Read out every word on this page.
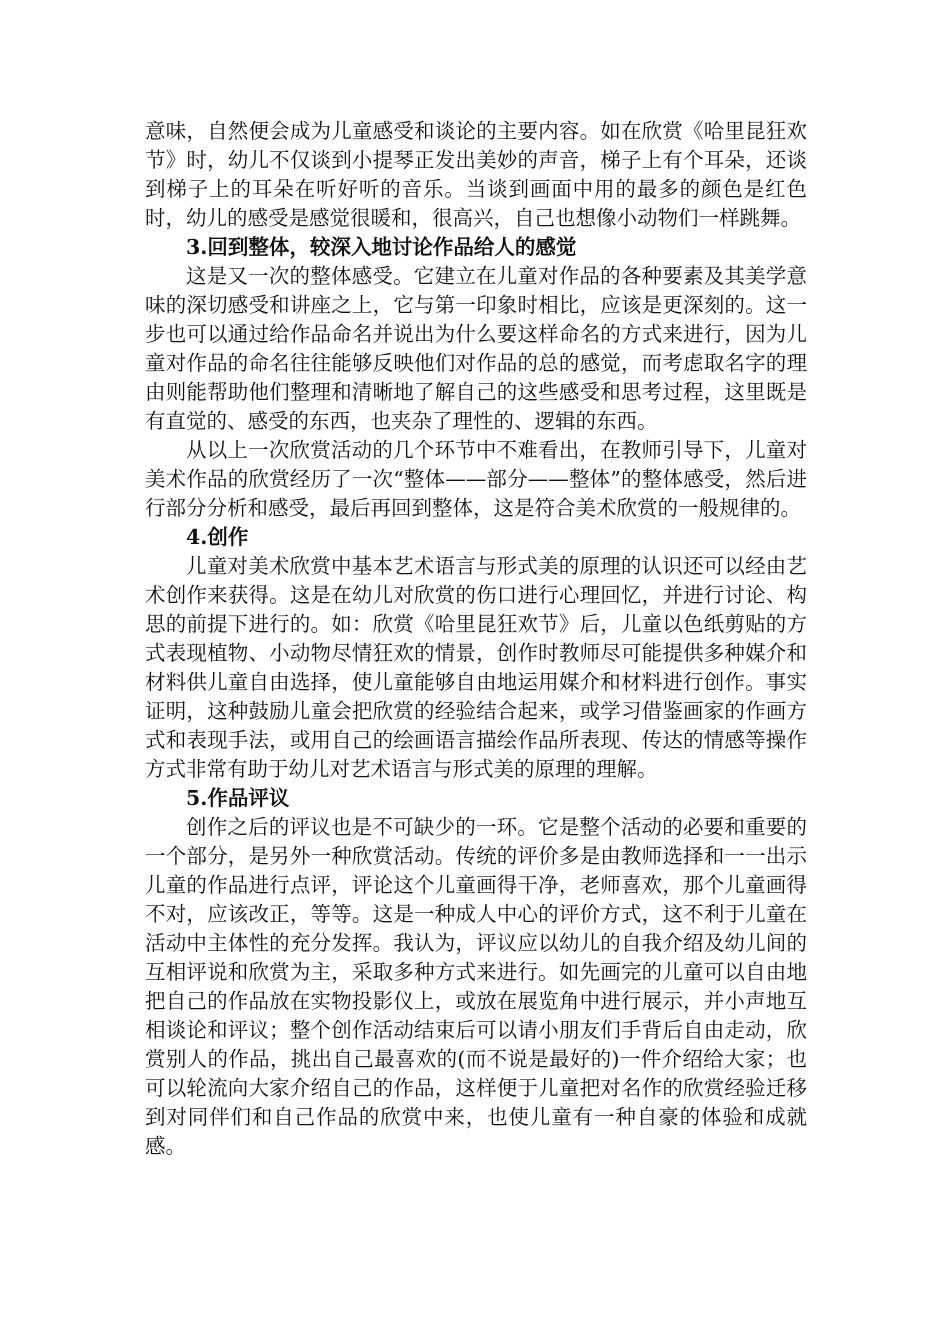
意味，自然便会成为儿童感受和谈论的主要内容。如在欣赏《哈里昆狂欢节》时，幼儿不仅谈到小提琴正发出美妙的声音，梯子上有个耳朵，还谈到梯子上的耳朵在听好听的音乐。当谈到画面中用的最多的颜色是红色时，幼儿的感受是感觉很暖和，很高兴，自己也想像小动物们一样跳舞。

3.回到整体，较深入地讨论作品给人的感觉

这是又一次的整体感受。它建立在儿童对作品的各种要素及其美学意味的深切感受和讲座之上，它与第一印象时相比，应该是更深刻的。这一步也可以通过给作品命名并说出为什么要这样命名的方式来进行，因为儿童对作品的命名往往能够反映他们对作品的总的感觉，而考虑取名字的理由则能帮助他们整理和清晰地了解自己的这些感受和思考过程，这里既是有直觉的、感受的东西，也夹杂了理性的、逻辑的东西。

从以上一次欣赏活动的几个环节中不难看出，在教师引导下，儿童对美术作品的欣赏经历了一次“整体——部分——整体”的整体感受，然后进行部分分析和感受，最后再回到整体，这是符合美术欣赏的一般规律的。

4.创作

儿童对美术欣赏中基本艺术语言与形式美的原理的认识还可以经由艺术创作来获得。这是在幼儿对欣赏的伤口进行心理回忆，并进行讨论、构思的前提下进行的。如：欣赏《哈里昆狂欢节》后，儿童以色纸剪贴的方式表现植物、小动物尽情狂欢的情景，创作时教师尽可能提供多种媒介和材料供儿童自由选择，使儿童能够自由地运用媒介和材料进行创作。事实证明，这种鼓励儿童会把欣赏的经验结合起来，或学习借鉴画家的作画方式和表现手法，或用自己的绘画语言描绘作品所表现、传达的情感等操作方式非常有助于幼儿对艺术语言与形式美的原理的理解。

5.作品评议

创作之后的评议也是不可缺少的一环。它是整个活动的必要和重要的一个部分，是另外一种欣赏活动。传统的评价多是由教师选择和一一出示儿童的作品进行点评，评论这个儿童画得干净，老师喜欢，那个儿童画得不对，应该改正，等等。这是一种成人中心的评价方式，这不利于儿童在活动中主体性的充分发挥。我认为，评议应以幼儿的自我介绍及幼儿间的互相评说和欣赏为主，采取多种方式来进行。如先画完的儿童可以自由地把自己的作品放在实物投影仪上，或放在展览角中进行展示，并小声地互相谈论和评议；整个创作活动结束后可以请小朋友们手背后自由走动，欣赏别人的作品，挑出自己最喜欢的(而不说是最好的)一件介绍给大家；也可以轮流向大家介绍自己的作品，这样便于儿童把对名作的欣赏经验迁移到对同伴们和自己作品的欣赏中来，也使儿童有一种自豪的体验和成就感。
